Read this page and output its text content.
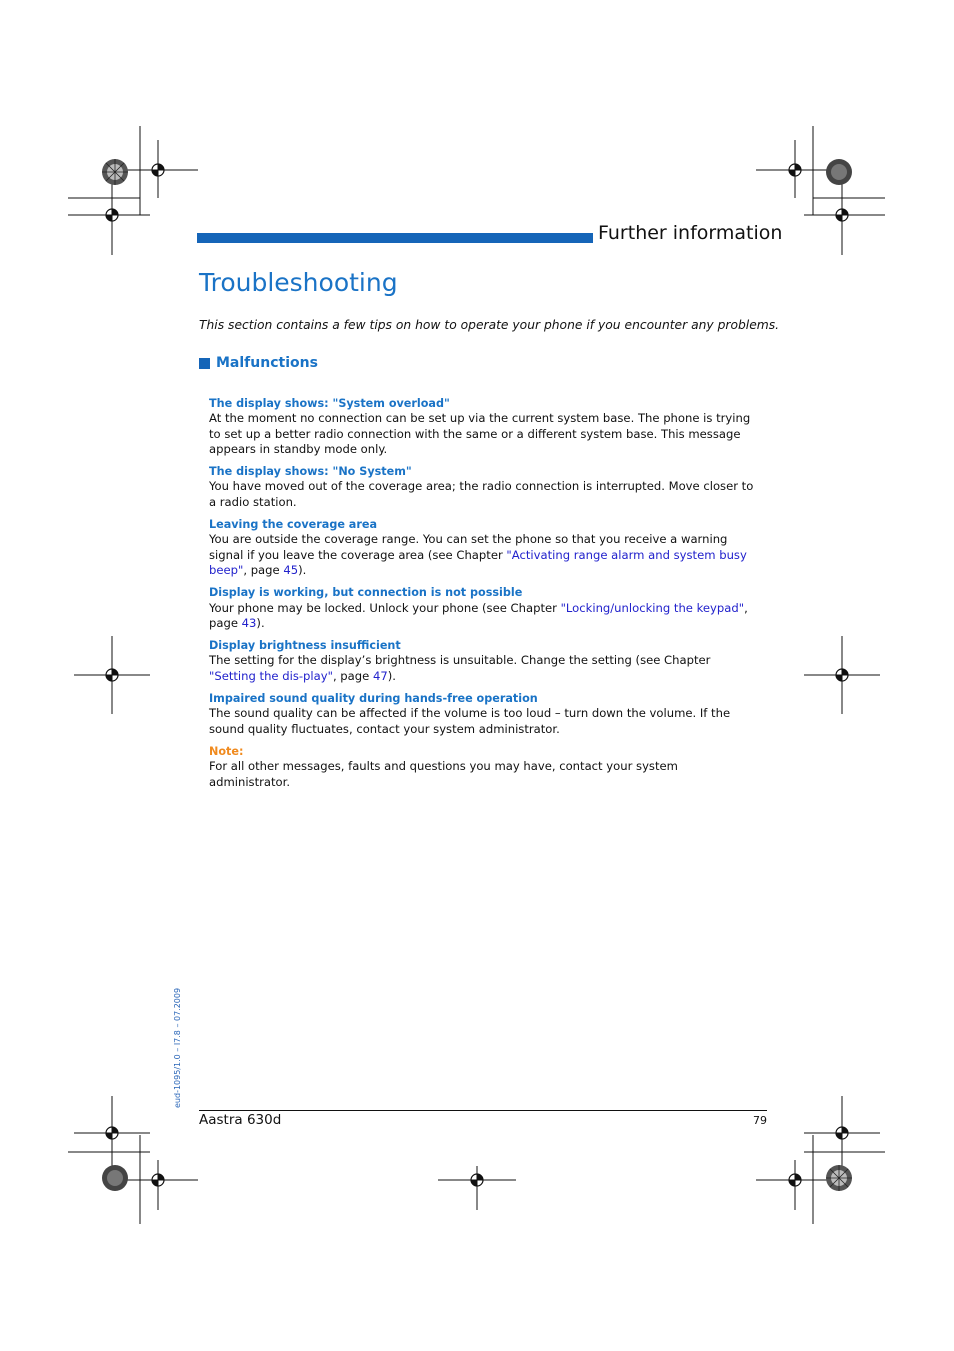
Further information
Troubleshooting
This section contains a few tips on how to operate your phone if you encounter any problems.
Malfunctions
The display shows: "System overload"
At the moment no connection can be set up via the current system base. The phone is trying to set up a better radio connection with the same or a different system base. This message appears in standby mode only.
The display shows: "No System"
You have moved out of the coverage area; the radio connection is interrupted. Move closer to a radio station.
Leaving the coverage area
You are outside the coverage range. You can set the phone so that you receive a warning signal if you leave the coverage area (see Chapter "Activating range alarm and system busy beep", page 45).
Display is working, but connection is not possible
Your phone may be locked. Unlock your phone (see Chapter "Locking/unlocking the keypad", page 43).
Display brightness insufficient
The setting for the display’s brightness is unsuitable. Change the setting (see Chapter "Setting the dis-play", page 47).
Impaired sound quality during hands-free operation
The sound quality can be affected if the volume is too loud – turn down the volume. If the sound quality fluctuates, contact your system administrator.
Note:
For all other messages, faults and questions you may have, contact your system administrator.
Aastra 630d	79
eud-1095/1.0 – I7.8 – 07.2009
